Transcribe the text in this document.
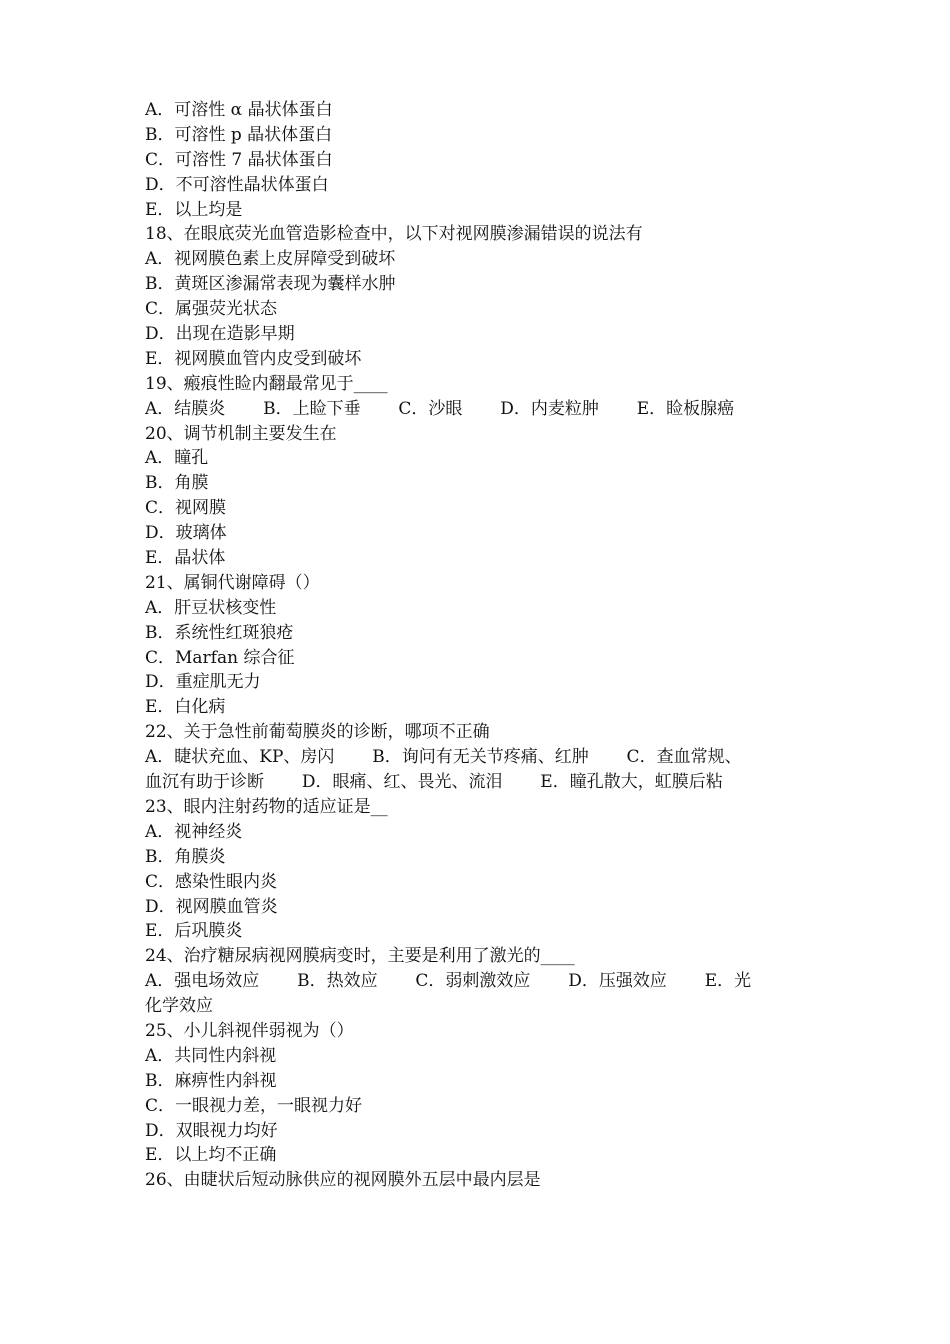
A．可溶性 α 晶状体蛋白
B．可溶性 p 晶状体蛋白
C．可溶性 7 晶状体蛋白
D．不可溶性晶状体蛋白
E．以上均是
18、在眼底荧光血管造影检查中，以下对视网膜渗漏错误的说法有
A．视网膜色素上皮屏障受到破坏
B．黄斑区渗漏常表现为囊样水肿
C．属强荧光状态
D．出现在造影早期
E．视网膜血管内皮受到破坏
19、瘢痕性睑内翻最常见于____
A．结膜炎       B．上睑下垂       C．沙眼       D．内麦粒肿       E．睑板腺癌
20、调节机制主要发生在
A．瞳孔
B．角膜
C．视网膜
D．玻璃体
E．晶状体
21、属铜代谢障碍（）
A．肝豆状核变性
B．系统性红斑狼疮
C．Marfan 综合征
D．重症肌无力
E．白化病
22、关于急性前葡萄膜炎的诊断，哪项不正确
A．睫状充血、KP、房闪       B．询问有无关节疼痛、红肿       C．查血常规、
血沉有助于诊断       D．眼痛、红、畏光、流泪       E．瞳孔散大，虹膜后粘
23、眼内注射药物的适应证是__
A．视神经炎
B．角膜炎
C．感染性眼内炎
D．视网膜血管炎
E．后巩膜炎
24、治疗糖尿病视网膜病变时，主要是利用了激光的____
A．强电场效应       B．热效应       C．弱刺激效应       D．压强效应       E．光
化学效应
25、小儿斜视伴弱视为（）
A．共同性内斜视
B．麻痹性内斜视
C．一眼视力差，一眼视力好
D．双眼视力均好
E．以上均不正确
26、由睫状后短动脉供应的视网膜外五层中最内层是
